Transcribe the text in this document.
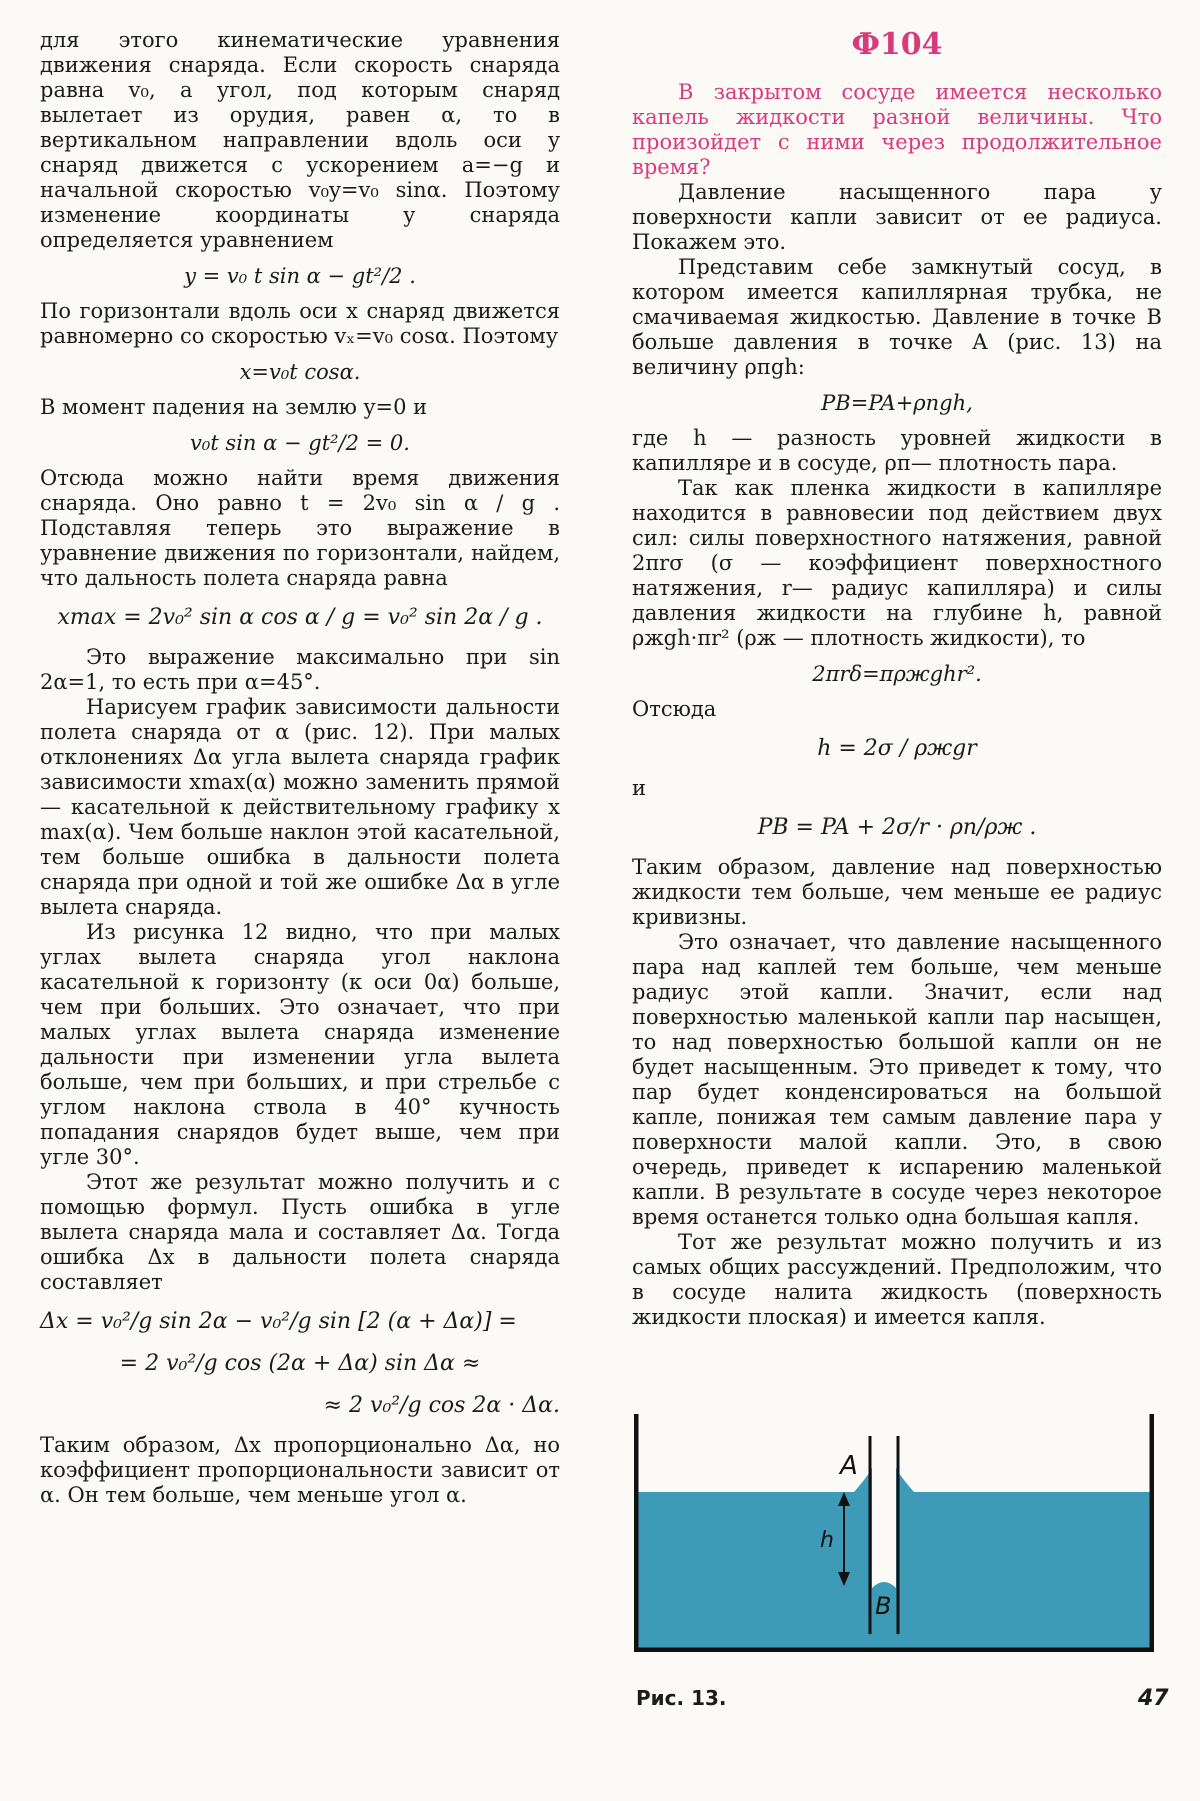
для этого кинематические уравнения движения снаряда. Если скорость снаряда равна v₀, а угол, под которым снаряд вылетает из орудия, равен α, то в вертикальном направлении вдоль оси y снаряд движется с ускорением a=−g и начальной скоростью v₀y=v₀ sinα. Поэтому изменение координаты y снаряда определяется уравнением

y = v₀ t sin α − gt²/2 .

По горизонтали вдоль оси x снаряд движется равномерно со скоростью vₓ=v₀ cosα. Поэтому

x=v₀t cosα.

В момент падения на землю y=0 и

v₀t sin α − gt²/2 = 0.

Отсюда можно найти время движения снаряда. Оно равно t = 2v₀ sin α / g . Подставляя теперь это выражение в уравнение движения по горизонтали, найдем, что дальность полета снаряда равна

xmax = 2v₀² sin α cos α / g = v₀² sin 2α / g .

Это выражение максимально при sin 2α=1, то есть при α=45°.

Нарисуем график зависимости дальности полета снаряда от α (рис. 12). При малых отклонениях Δα угла вылета снаряда график зависимости xmax(α) можно заменить прямой — касательной к действительному графику x max(α). Чем больше наклон этой касательной, тем больше ошибка в дальности полета снаряда при одной и той же ошибке Δα в угле вылета снаряда.

Из рисунка 12 видно, что при малых углах вылета снаряда угол наклона касательной к горизонту (к оси 0α) больше, чем при больших. Это означает, что при малых углах вылета снаряда изменение дальности при изменении угла вылета больше, чем при больших, и при стрельбе с углом наклона ствола в 40° кучность попадания снарядов будет выше, чем при угле 30°.

Этот же результат можно получить и с помощью формул. Пусть ошибка в угле вылета снаряда мала и составляет Δα. Тогда ошибка Δx в дальности полета снаряда составляет

Δx = v₀²/g sin 2α − v₀²/g sin [2 (α + Δα)] =
= 2 v₀²/g cos (2α + Δα) sin Δα ≈
≈ 2 v₀²/g cos 2α · Δα.

Таким образом, Δx пропорционально Δα, но коэффициент пропорциональности зависит от α. Он тем больше, чем меньше угол α.

Ф104

В закрытом сосуде имеется несколько капель жидкости разной величины. Что произойдет с ними через продолжительное время?

Давление насыщенного пара у поверхности капли зависит от ее радиуса. Покажем это.

Представим себе замкнутый сосуд, в котором имеется капиллярная трубка, не смачиваемая жидкостью. Давление в точке B больше давления в точке A (рис. 13) на величину ρпgh:

PB=PA+ρпgh,

где h — разность уровней жидкости в капилляре и в сосуде, ρп— плотность пара.

Так как пленка жидкости в капилляре находится в равновесии под действием двух сил: силы поверхностного натяжения, равной 2πrσ (σ — коэффициент поверхностного натяжения, r— радиус капилляра) и силы давления жидкости на глубине h, равной ρжgh·πr² (ρж — плотность жидкости), то

2πrδ=πρжghr².

Отсюда

h = 2σ / ρжgr

и

PB = PA + 2σ/r · ρп/ρж .

Таким образом, давление над поверхностью жидкости тем больше, чем меньше ее радиус кривизны.

Это означает, что давление насыщенного пара над каплей тем больше, чем меньше радиус этой капли. Значит, если над поверхностью маленькой капли пар насыщен, то над поверхностью большой капли он не будет насыщенным. Это приведет к тому, что пар будет конденсироваться на большой капле, понижая тем самым давление пара у поверхности малой капли. Это, в свою очередь, приведет к испарению маленькой капли. В результате в сосуде через некоторое время останется только одна большая капля.

Тот же результат можно получить и из самых общих рассуждений. Предположим, что в сосуде налита жидкость (поверхность жидкости плоская) и имеется капля.

A
h
B
Рис. 13.	47
